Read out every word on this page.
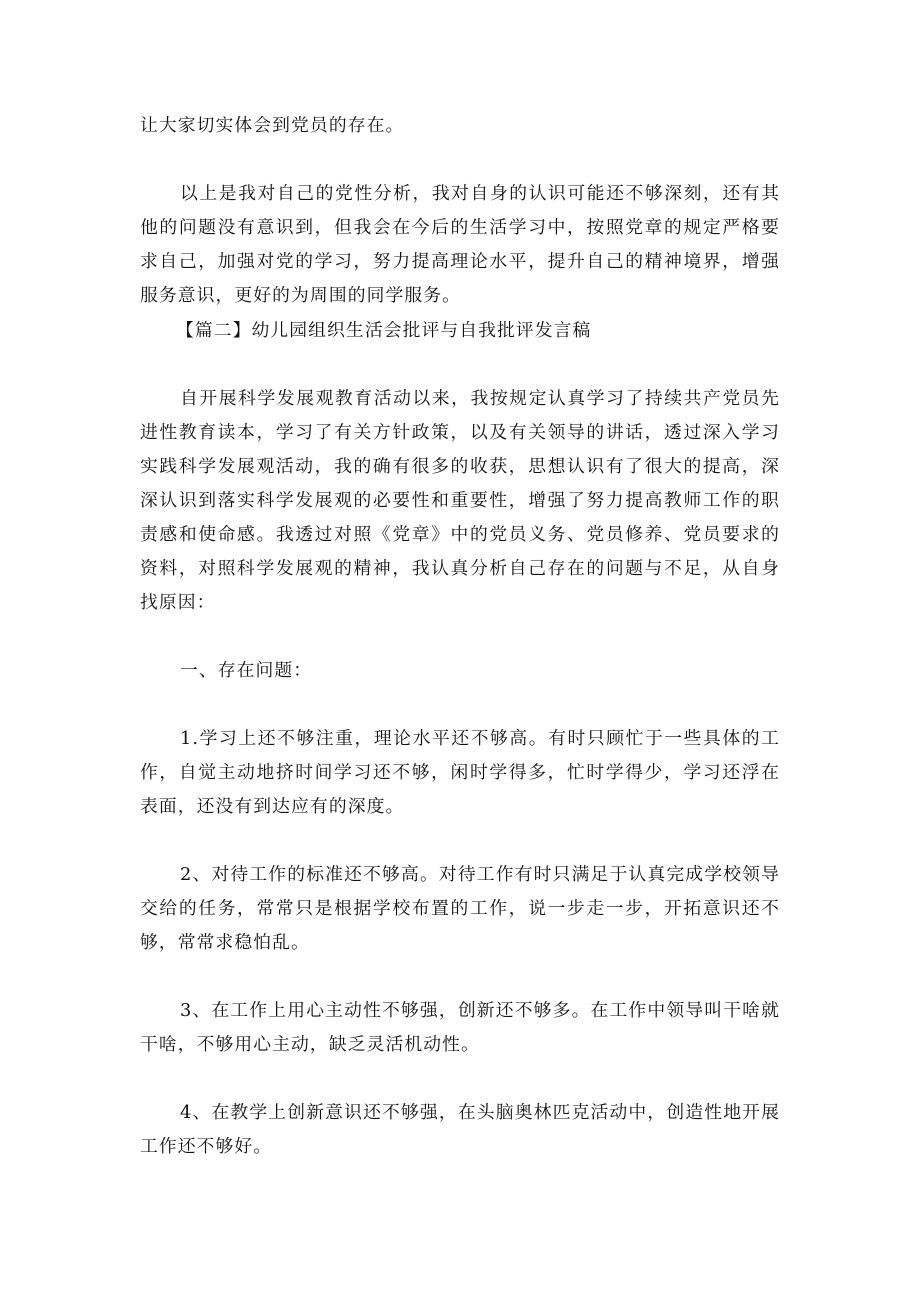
让大家切实体会到党员的存在。

以上是我对自己的党性分析，我对自身的认识可能还不够深刻，还有其他的问题没有意识到，但我会在今后的生活学习中，按照党章的规定严格要求自己，加强对党的学习，努力提高理论水平，提升自己的精神境界，增强服务意识，更好的为周围的同学服务。

【篇二】幼儿园组织生活会批评与自我批评发言稿

自开展科学发展观教育活动以来，我按规定认真学习了持续共产党员先进性教育读本，学习了有关方针政策，以及有关领导的讲话，透过深入学习实践科学发展观活动，我的确有很多的收获，思想认识有了很大的提高，深深认识到落实科学发展观的必要性和重要性，增强了努力提高教师工作的职责感和使命感。我透过对照《党章》中的党员义务、党员修养、党员要求的资料，对照科学发展观的精神，我认真分析自己存在的问题与不足，从自身找原因：

一、存在问题：

1.学习上还不够注重，理论水平还不够高。有时只顾忙于一些具体的工作，自觉主动地挤时间学习还不够，闲时学得多，忙时学得少，学习还浮在表面，还没有到达应有的深度。

2、对待工作的标准还不够高。对待工作有时只满足于认真完成学校领导交给的任务，常常只是根据学校布置的工作，说一步走一步，开拓意识还不够，常常求稳怕乱。

3、在工作上用心主动性不够强，创新还不够多。在工作中领导叫干啥就干啥，不够用心主动，缺乏灵活机动性。

4、在教学上创新意识还不够强，在头脑奥林匹克活动中，创造性地开展工作还不够好。
